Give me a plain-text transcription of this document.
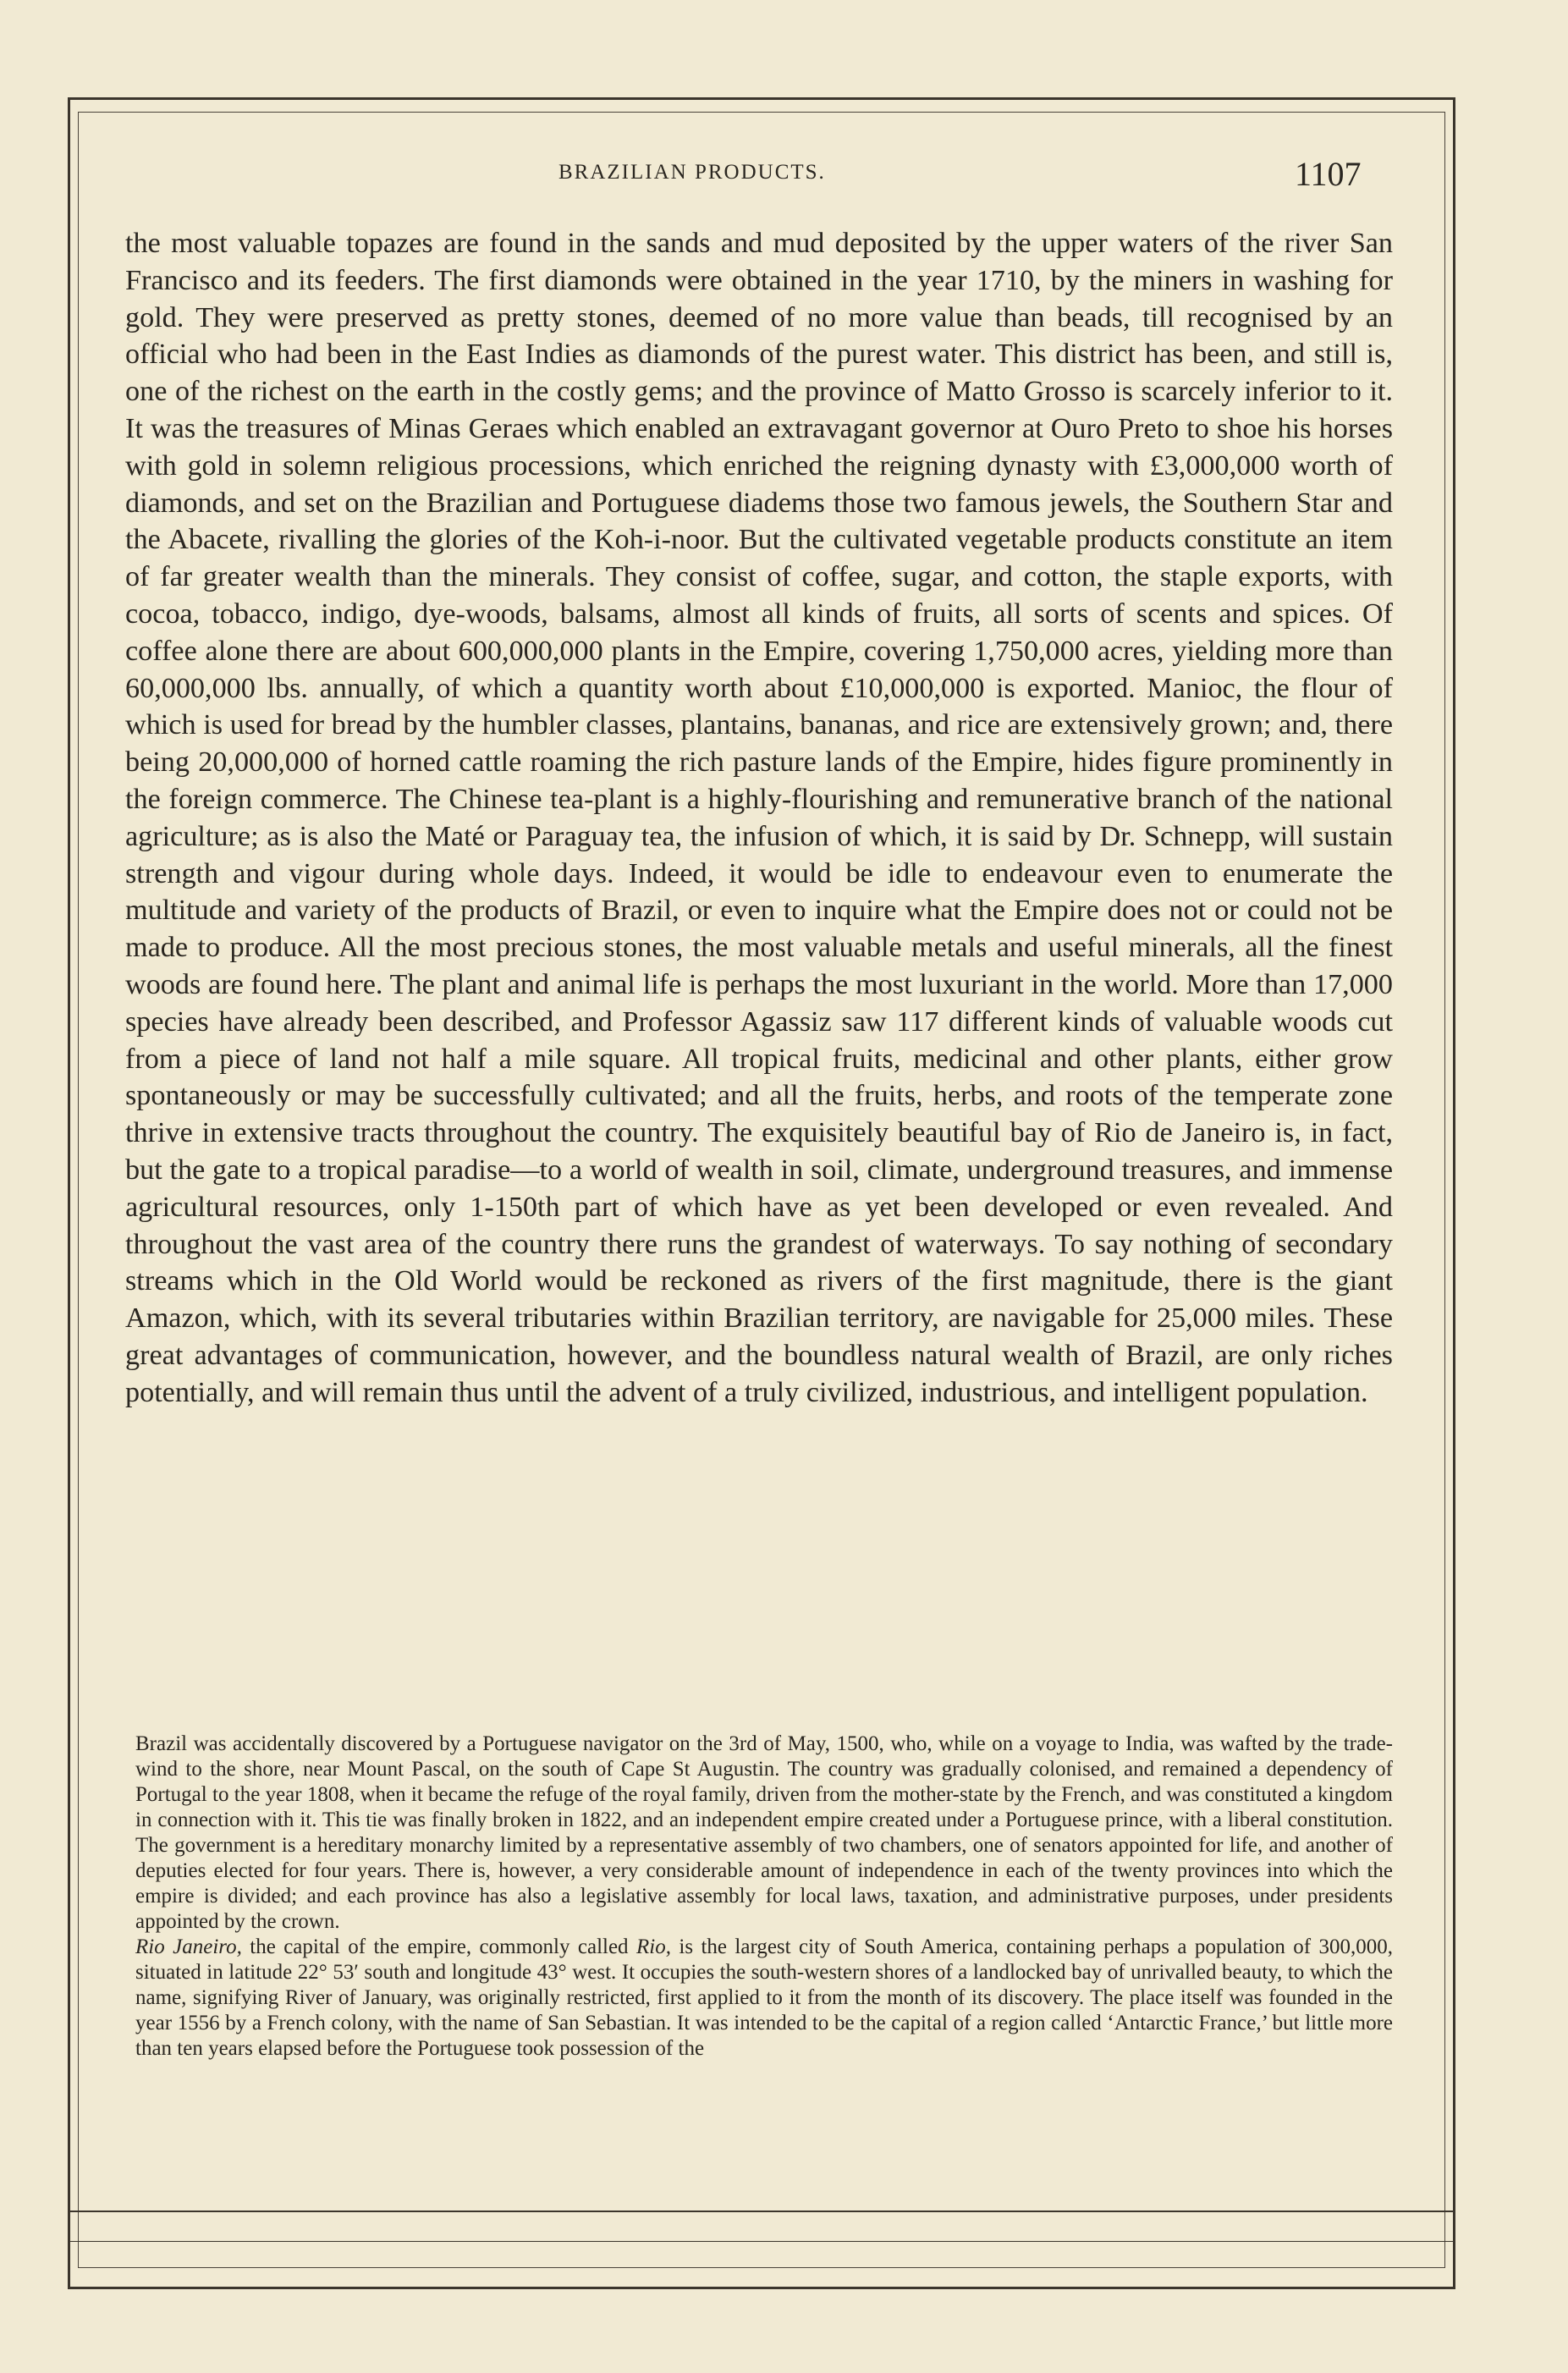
BRAZILIAN PRODUCTS.	1107

the most valuable topazes are found in the sands and mud deposited by the upper waters of the river San Francisco and its feeders. The first diamonds were obtained in the year 1710, by the miners in washing for gold. They were preserved as pretty stones, deemed of no more value than beads, till recognised by an official who had been in the East Indies as diamonds of the purest water. This district has been, and still is, one of the richest on the earth in the costly gems; and the province of Matto Grosso is scarcely inferior to it. It was the treasures of Minas Geraes which enabled an extravagant governor at Ouro Preto to shoe his horses with gold in solemn religious processions, which enriched the reigning dynasty with £3,000,000 worth of diamonds, and set on the Brazilian and Portuguese diadems those two famous jewels, the Southern Star and the Abacete, rivalling the glories of the Koh-i-noor. But the cultivated vegetable products constitute an item of far greater wealth than the minerals. They consist of coffee, sugar, and cotton, the staple exports, with cocoa, tobacco, indigo, dye-woods, balsams, almost all kinds of fruits, all sorts of scents and spices. Of coffee alone there are about 600,000,000 plants in the Empire, covering 1,750,000 acres, yielding more than 60,000,000 lbs. annually, of which a quantity worth about £10,000,000 is exported. Manioc, the flour of which is used for bread by the humbler classes, plantains, bananas, and rice are extensively grown; and, there being 20,000,000 of horned cattle roaming the rich pasture lands of the Empire, hides figure prominently in the foreign commerce. The Chinese tea-plant is a highly-flourishing and remunerative branch of the national agriculture; as is also the Maté or Paraguay tea, the infusion of which, it is said by Dr. Schnepp, will sustain strength and vigour during whole days. Indeed, it would be idle to endeavour even to enumerate the multitude and variety of the products of Brazil, or even to inquire what the Empire does not or could not be made to produce. All the most precious stones, the most valuable metals and useful minerals, all the finest woods are found here. The plant and animal life is perhaps the most luxuriant in the world. More than 17,000 species have already been described, and Professor Agassiz saw 117 different kinds of valuable woods cut from a piece of land not half a mile square. All tropical fruits, medicinal and other plants, either grow spontaneously or may be successfully cultivated; and all the fruits, herbs, and roots of the temperate zone thrive in extensive tracts throughout the country. The exquisitely beautiful bay of Rio de Janeiro is, in fact, but the gate to a tropical paradise—to a world of wealth in soil, climate, underground treasures, and immense agricultural resources, only 1-150th part of which have as yet been developed or even revealed. And throughout the vast area of the country there runs the grandest of waterways. To say nothing of secondary streams which in the Old World would be reckoned as rivers of the first magnitude, there is the giant Amazon, which, with its several tributaries within Brazilian territory, are navigable for 25,000 miles. These great advantages of communication, however, and the boundless natural wealth of Brazil, are only riches potentially, and will remain thus until the advent of a truly civilized, industrious, and intelligent population.

Brazil was accidentally discovered by a Portuguese navigator on the 3rd of May, 1500, who, while on a voyage to India, was wafted by the trade-wind to the shore, near Mount Pascal, on the south of Cape St Augustin. The country was gradually colonised, and remained a dependency of Portugal to the year 1808, when it became the refuge of the royal family, driven from the mother-state by the French, and was constituted a kingdom in connection with it. This tie was finally broken in 1822, and an independent empire created under a Portuguese prince, with a liberal constitution. The government is a hereditary monarchy limited by a representative assembly of two chambers, one of senators appointed for life, and another of deputies elected for four years. There is, however, a very considerable amount of independence in each of the twenty provinces into which the empire is divided; and each province has also a legislative assembly for local laws, taxation, and administrative purposes, under presidents appointed by the crown.

Rio Janeiro, the capital of the empire, commonly called Rio, is the largest city of South America, containing perhaps a population of 300,000, situated in latitude 22° 53′ south and longitude 43° west. It occupies the south-western shores of a landlocked bay of unrivalled beauty, to which the name, signifying River of January, was originally restricted, first applied to it from the month of its discovery. The place itself was founded in the year 1556 by a French colony, with the name of San Sebastian. It was intended to be the capital of a region called ‘Antarctic France,’ but little more than ten years elapsed before the Portuguese took possession of the
